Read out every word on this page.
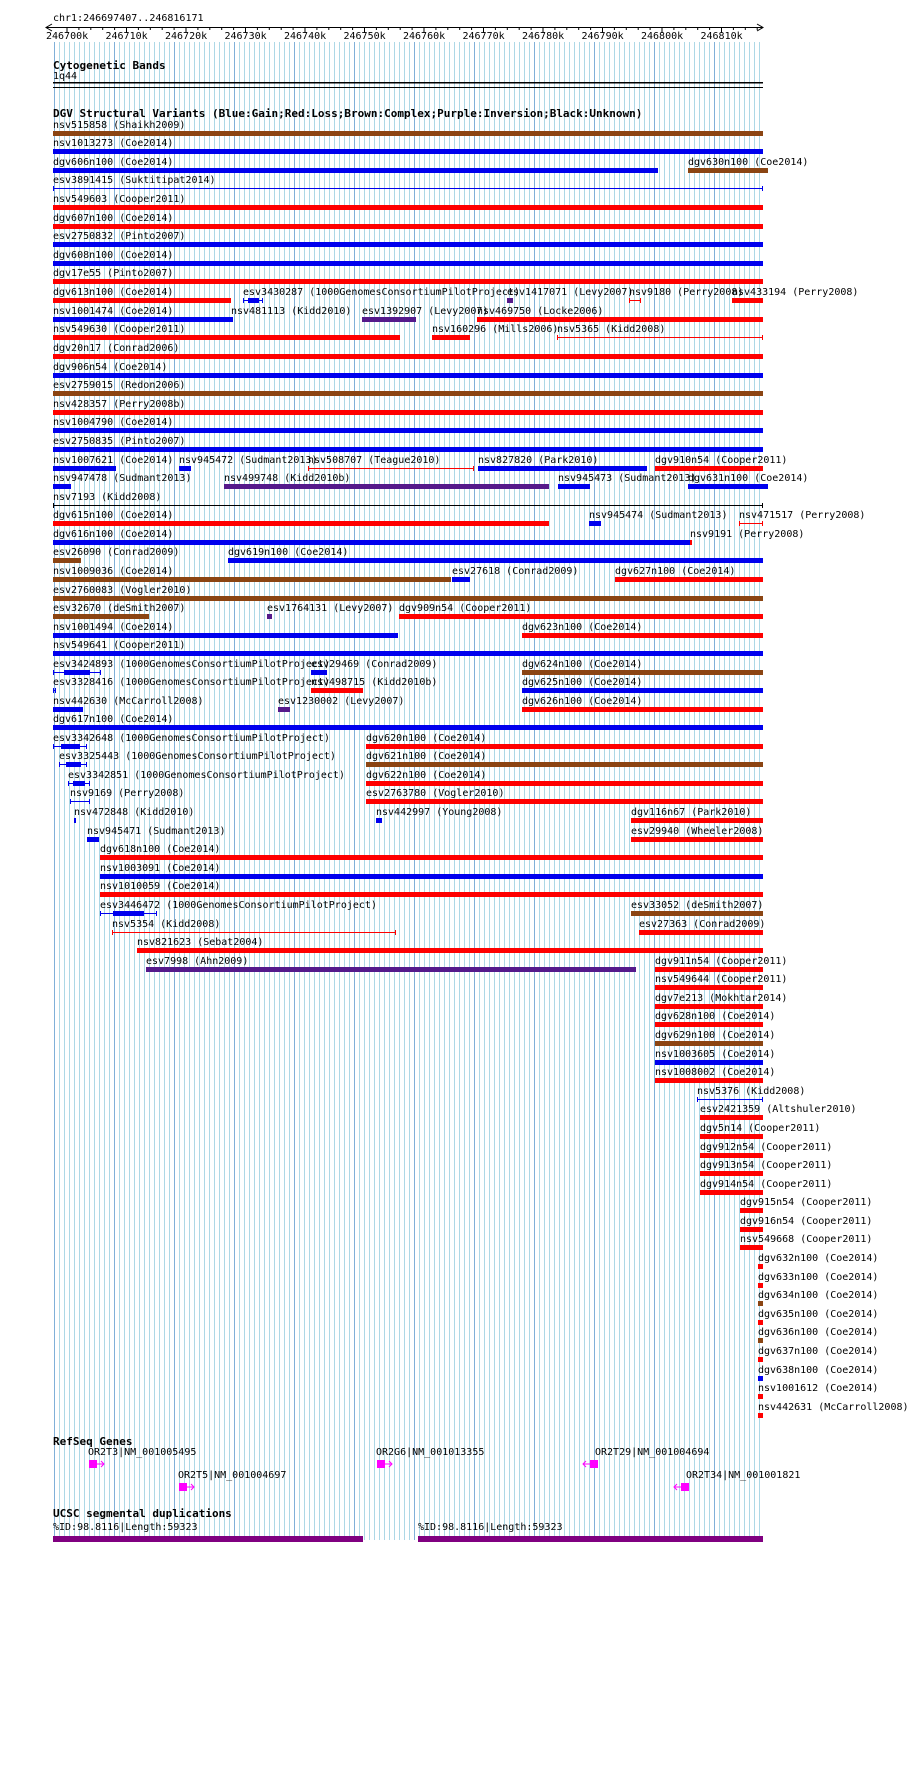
chr1:246697407..246816171
246700k 246710k 246720k 246730k 246740k 246750k 246760k 246770k 246780k 246790k 246800k 246810k
Cytogenetic Bands
1q44
DGV Structural Variants (Blue:Gain;Red:Loss;Brown:Complex;Purple:Inversion;Black:Unknown)
nsv515858 (Shaikh2009)
nsv1013273 (Coe2014)
dgv606n100 (Coe2014)	dgv630n100 (Coe2014)
esv3891415 (Suktitipat2014)
nsv549603 (Cooper2011)
dgv607n100 (Coe2014)
esv2750832 (Pinto2007)
dgv608n100 (Coe2014)
dgv17e55 (Pinto2007)
dgv613n100 (Coe2014)	esv3430287 (1000GenomesConsortiumPilotProject)
esv1417071 (Levy2007)
nsv9180 (Perry2008)
nsv433194 (Perry2008)
nsv1001474 (Coe2014)	nsv481113 (Kidd2010) esv1392907 (Levy2007)
nsv469750 (Locke2006)
nsv549630 (Cooper2011)	nsv160296 (Mills2006)
nsv5365 (Kidd2008)
dgv20n17 (Conrad2006)
dgv906n54 (Coe2014)
esv2759015 (Redon2006)
nsv428357 (Perry2008b)
nsv1004790 (Coe2014)
esv2750835 (Pinto2007)
nsv1007621 (Coe2014) nsv945472 (Sudmant2013)
nsv508707 (Teague2010)	nsv827820 (Park2010)	dgv910n54 (Cooper2011)
nsv947478 (Sudmant2013)	nsv499748 (Kidd2010b)	nsv945473 (Sudmant2013)
dgv631n100 (Coe2014)
nsv7193 (Kidd2008)
dgv615n100 (Coe2014)	nsv945474 (Sudmant2013) nsv471517 (Perry2008)
dgv616n100 (Coe2014)	nsv9191 (Perry2008)
esv26090 (Conrad2009)	dgv619n100 (Coe2014)
nsv1009036 (Coe2014)	esv27618 (Conrad2009)	dgv627n100 (Coe2014)
esv2760083 (Vogler2010)
esv32670 (deSmith2007)	esv1764131 (Levy2007) dgv909n54 (Cooper2011)
nsv1001494 (Coe2014)	dgv623n100 (Coe2014)
nsv549641 (Cooper2011)
esv3424893 (1000GenomesConsortiumPilotProject)
esv29469 (Conrad2009)	dgv624n100 (Coe2014)
esv3328416 (1000GenomesConsortiumPilotProject)
nsv498715 (Kidd2010b)	dgv625n100 (Coe2014)
nsv442630 (McCarroll2008)	esv1230002 (Levy2007)	dgv626n100 (Coe2014)
dgv617n100 (Coe2014)
esv3342648 (1000GenomesConsortiumPilotProject)	dgv620n100 (Coe2014)
esv3325443 (1000GenomesConsortiumPilotProject)	dgv621n100 (Coe2014)
esv3342851 (1000GenomesConsortiumPilotProject) dgv622n100 (Coe2014)
nsv9169 (Perry2008)	esv2763780 (Vogler2010)
nsv472848 (Kidd2010)	nsv442997 (Young2008)	dgv116n67 (Park2010)
nsv945471 (Sudmant2013)	esv29940 (Wheeler2008)
dgv618n100 (Coe2014)
nsv1003091 (Coe2014)
nsv1010059 (Coe2014)
esv3446472 (1000GenomesConsortiumPilotProject)	esv33052 (deSmith2007)
nsv5354 (Kidd2008)	esv27363 (Conrad2009)
nsv821623 (Sebat2004)
esv7998 (Ahn2009)	dgv911n54 (Cooper2011)
nsv549644 (Cooper2011)
dgv7e213 (Mokhtar2014)
dgv628n100 (Coe2014)
dgv629n100 (Coe2014)
nsv1003605 (Coe2014)
nsv1008002 (Coe2014)
nsv5376 (Kidd2008)
esv2421359 (Altshuler2010)
dgv5n14 (Cooper2011)
dgv912n54 (Cooper2011)
dgv913n54 (Cooper2011)
dgv914n54 (Cooper2011)
dgv915n54 (Cooper2011)
dgv916n54 (Cooper2011)
nsv549668 (Cooper2011)
dgv632n100 (Coe2014)
dgv633n100 (Coe2014)
dgv634n100 (Coe2014)
dgv635n100 (Coe2014)
dgv636n100 (Coe2014)
dgv637n100 (Coe2014)
dgv638n100 (Coe2014)
nsv1001612 (Coe2014)
nsv442631 (McCarroll2008)
RefSeq Genes
OR2T3|NM_001005495	OR2G6|NM_001013355	OR2T29|NM_001004694
OR2T5|NM_001004697	OR2T34|NM_001001821
UCSC segmental duplications
%ID:98.8116|Length:59323	%ID:98.8116|Length:59323
